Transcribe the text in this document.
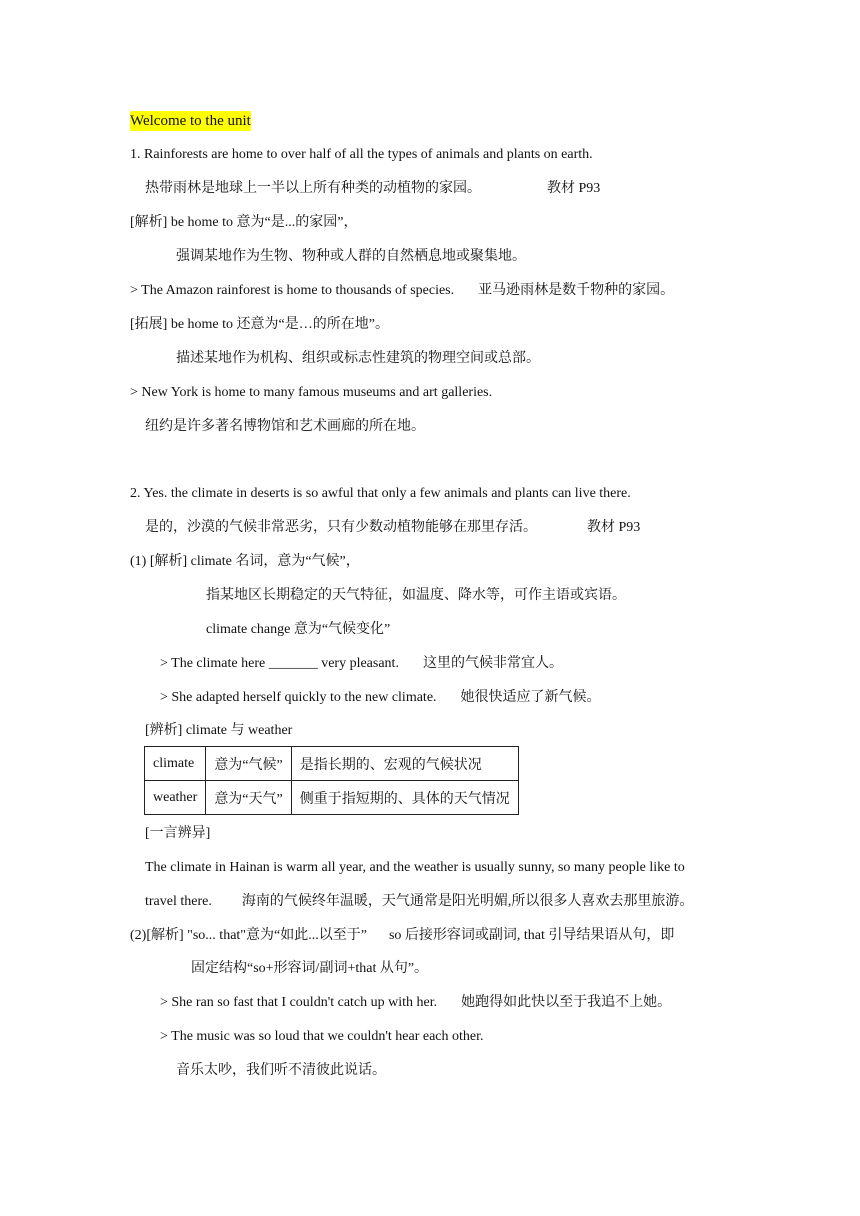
Welcome to the unit
1. Rainforests are home to over half of all the types of animals and plants on earth.
热带雨林是地球上一半以上所有种类的动植物的家园。	教材 P93
[解析] be home to 意为“是...的家园”，
强调某地作为生物、物种或人群的自然栖息地或聚集地。
> The Amazon rainforest is home to thousands of species. 亚马逊雨林是数千物种的家园。
[拓展] be home to 还意为“是…的所在地”。
描述某地作为机构、组织或标志性建筑的物理空间或总部。
> New York is home to many famous museums and art galleries.
纽约是许多著名博物馆和艺术画廊的所在地。
2. Yes. the climate in deserts is so awful that only a few animals and plants can live there.
是的，沙漠的气候非常恶劣，只有少数动植物能够在那里存活。	教材 P93
(1) [解析] climate 名词，意为“气候”，
指某地区长期稳定的天气特征，如温度、降水等，可作主语或宾语。
climate change 意为“气候变化”
> The climate here _______ very pleasant. 这里的气候非常宜人。
> She adapted herself quickly to the new climate. 她很快适应了新气候。
[辨析] climate 与 weather
climate	意为“气候”	是指长期的、宏观的气候状况
weather	意为“天气”	侧重于指短期的、具体的天气情况
[一言辨异]
The climate in Hainan is warm all year, and the weather is usually sunny, so many people like to
travel there. 海南的气候终年温暖，天气通常是阳光明媚,所以很多人喜欢去那里旅游。
(2)[解析] "so... that"意为“如此...以至于” so 后接形容词或副词, that 引导结果语从句，即
固定结构“so+形容词/副词+that 从句”。
> She ran so fast that I couldn't catch up with her. 她跑得如此快以至于我追不上她。
> The music was so loud that we couldn't hear each other.
音乐太吵，我们听不清彼此说话。
